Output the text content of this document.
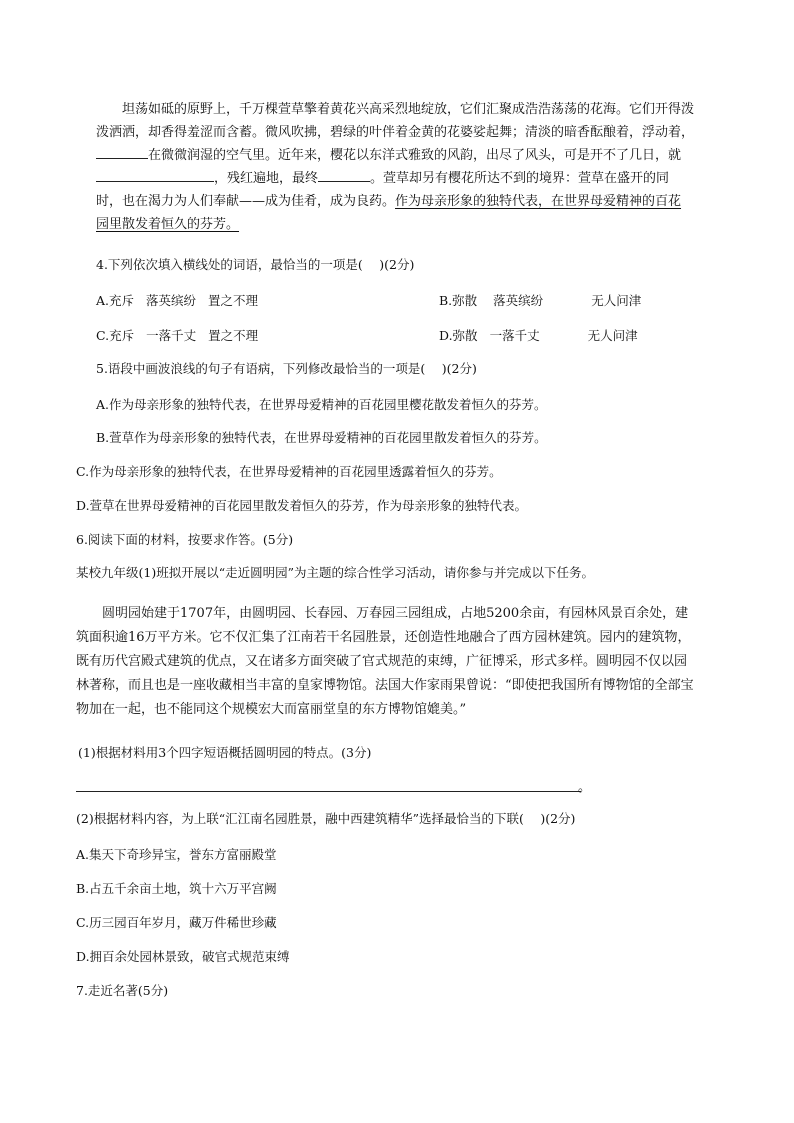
坦荡如砥的原野上，千万棵萱草擎着黄花兴高采烈地绽放，它们汇聚成浩浩荡荡的花海。它们开得泼泼洒洒，却香得羞涩而含蓄。微风吹拂，碧绿的叶伴着金黄的花婆娑起舞；清淡的暗香酝酿着，浮动着，在微微润湿的空气里。近年来，樱花以东洋式雅致的风韵，出尽了风头，可是开不了几日，就，残红遍地，最终	。萱草却另有樱花所达不到的境界：萱草在盛开的同时，也在渴力为人们奉献——成为佳肴，成为良药。作为母亲形象的独特代表，在世界母爱精神的百花园里散发着恒久的芬芳。

4.下列依次填入横线处的词语，最恰当的一项是(　 )(2分)

A.充斥 落英缤纷 置之不理	B.弥散 落英缤纷	无人问津
C.充斥 一落千丈 置之不理	D.弥散 一落千丈	无人问津

5.语段中画波浪线的句子有语病，下列修改最恰当的一项是(　 )(2分)

A.作为母亲形象的独特代表，在世界母爱精神的百花园里樱花散发着恒久的芬芳。

B.萱草作为母亲形象的独特代表，在世界母爱精神的百花园里散发着恒久的芬芳。

C.作为母亲形象的独特代表，在世界母爱精神的百花园里透露着恒久的芬芳。

D.萱草在世界母爱精神的百花园里散发着恒久的芬芳，作为母亲形象的独特代表。

6.阅读下面的材料，按要求作答。(5分)

某校九年级(1)班拟开展以“走近圆明园”为主题的综合性学习活动，请你参与并完成以下任务。

圆明园始建于1707年，由圆明园、长春园、万春园三园组成，占地5200余亩，有园林风景百余处，建筑面积逾16万平方米。它不仅汇集了江南若干名园胜景，还创造性地融合了西方园林建筑。园内的建筑物，既有历代宫殿式建筑的优点，又在诸多方面突破了官式规范的束缚，广征博采，形式多样。圆明园不仅以园林著称，而且也是一座收藏相当丰富的皇家博物馆。法国大作家雨果曾说：“即使把我国所有博物馆的全部宝物加在一起，也不能同这个规模宏大而富丽堂皇的东方博物馆媲美。”

(1)根据材料用3个四字短语概括圆明园的特点。(3分)

。

(2)根据材料内容，为上联“汇江南名园胜景，融中西建筑精华”选择最恰当的下联(　 )(2分)

A.集天下奇珍异宝，誉东方富丽殿堂

B.占五千余亩土地，筑十六万平宫阙

C.历三园百年岁月，藏万件稀世珍藏

D.拥百余处园林景致，破官式规范束缚

7.走近名著(5分)
